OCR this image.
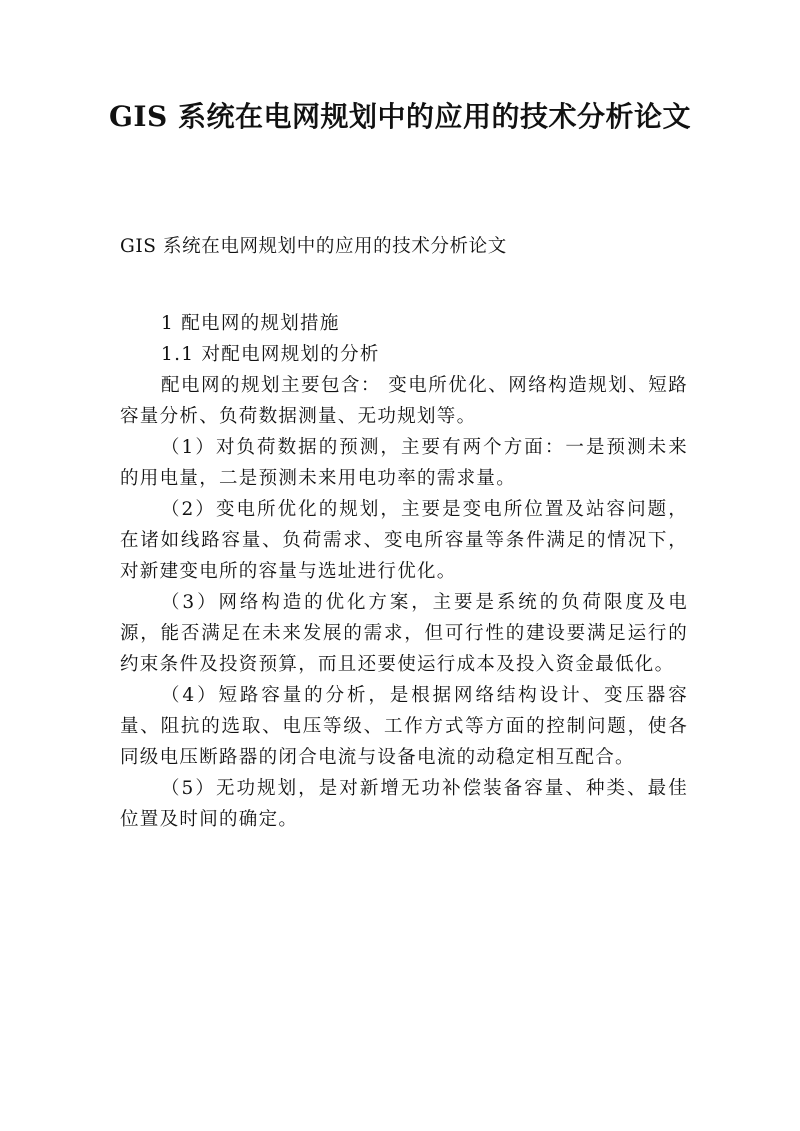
GIS 系统在电网规划中的应用的技术分析论文

GIS 系统在电网规划中的应用的技术分析论文

1 配电网的规划措施

1.1 对配电网规划的分析

配电网的规划主要包含： 变电所优化、网络构造规划、短路容量分析、负荷数据测量、无功规划等。

（1）对负荷数据的预测，主要有两个方面：一是预测未来的用电量，二是预测未来用电功率的需求量。

（2）变电所优化的规划，主要是变电所位置及站容问题，在诸如线路容量、负荷需求、变电所容量等条件满足的情况下，对新建变电所的容量与选址进行优化。

（3）网络构造的优化方案，主要是系统的负荷限度及电源，能否满足在未来发展的需求，但可行性的建设要满足运行的约束条件及投资预算，而且还要使运行成本及投入资金最低化。

（4）短路容量的分析，是根据网络结构设计、变压器容量、阻抗的选取、电压等级、工作方式等方面的控制问题，使各同级电压断路器的闭合电流与设备电流的动稳定相互配合。

（5）无功规划，是对新增无功补偿装备容量、种类、最佳位置及时间的确定。
